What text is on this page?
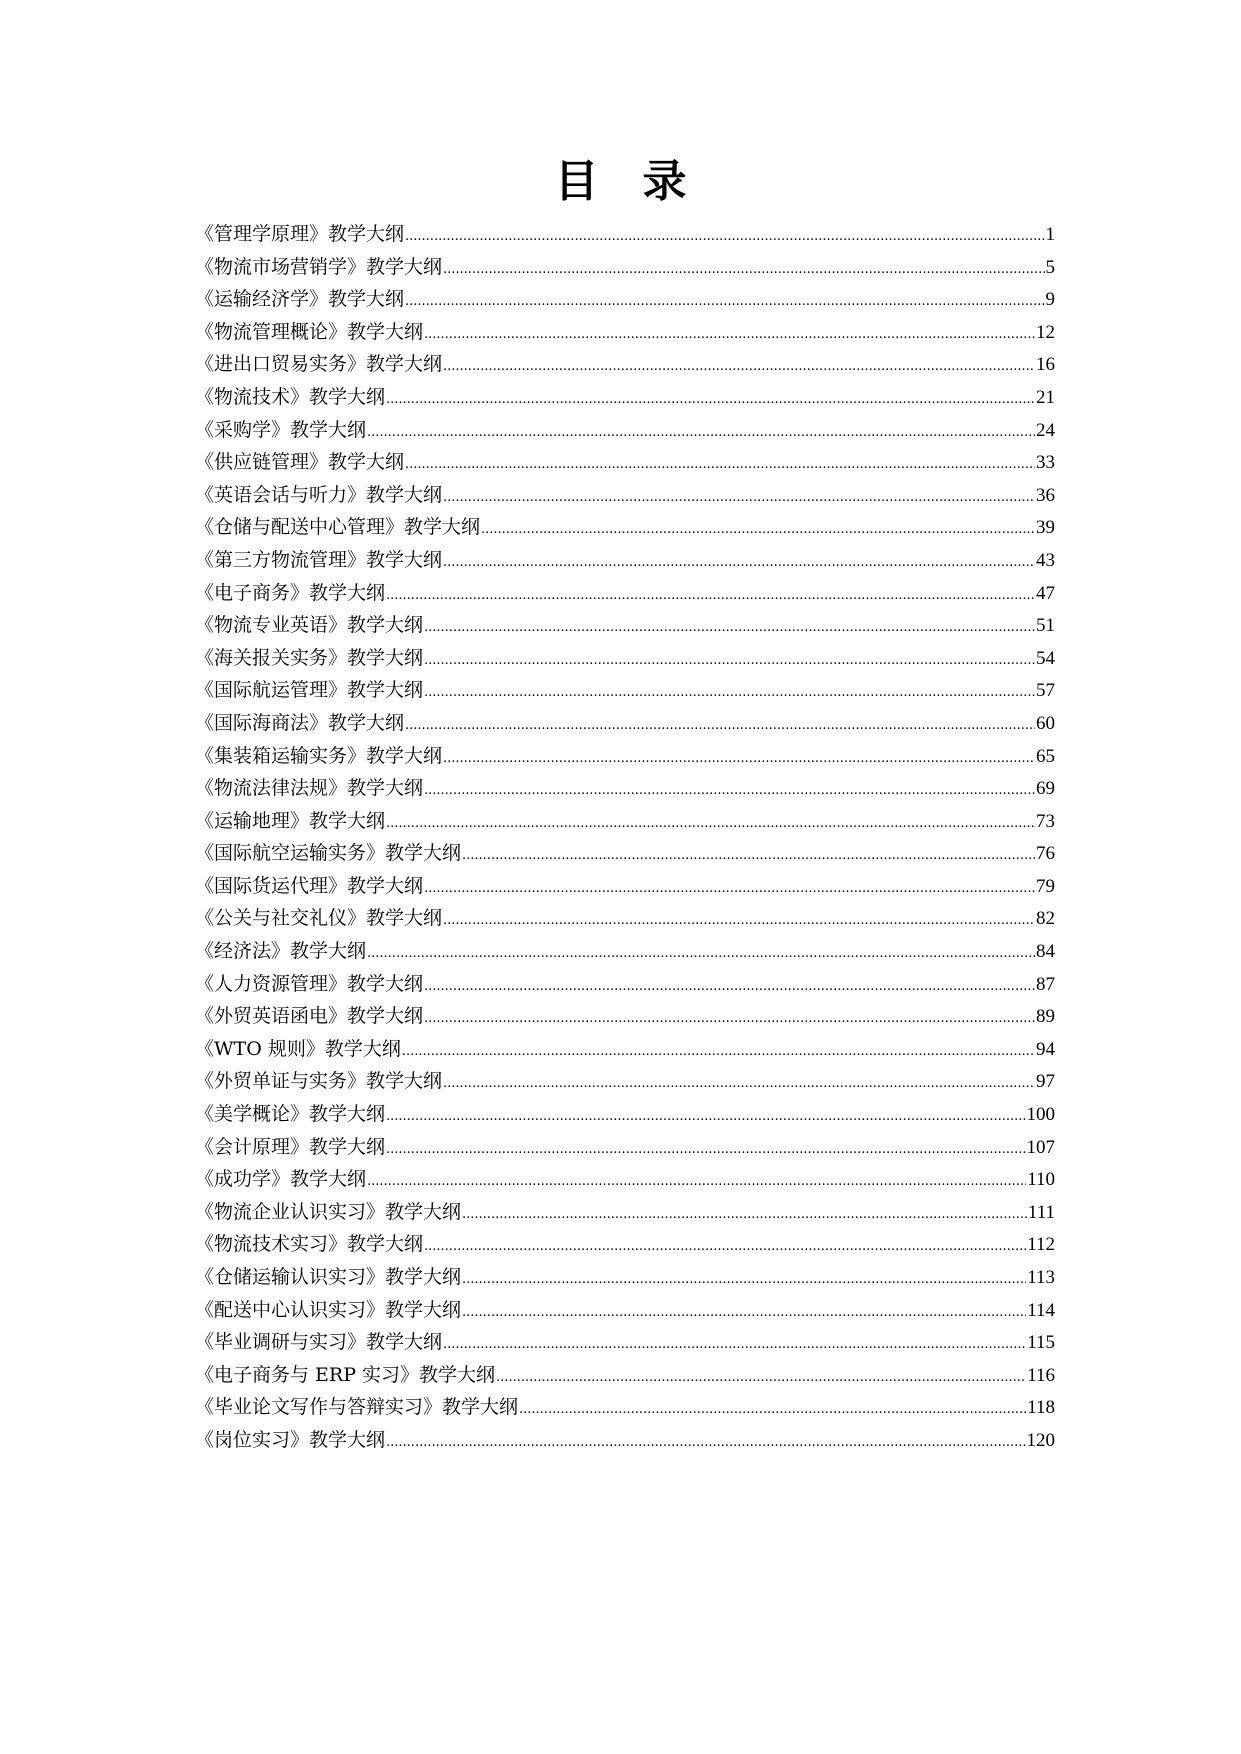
目 录
《管理学原理》教学大纲 .....	1
《物流市场营销学》教学大纲 .....	5
《运输经济学》教学大纲 .....	9
《物流管理概论》教学大纲 .....	12
《进出口贸易实务》教学大纲 .....	16
《物流技术》教学大纲 .....	21
《采购学》教学大纲 .....	24
《供应链管理》教学大纲 .....	33
《英语会话与听力》教学大纲 .....	36
《仓储与配送中心管理》教学大纲 .....	39
《第三方物流管理》教学大纲 .....	43
《电子商务》教学大纲 .....	47
《物流专业英语》教学大纲 .....	51
《海关报关实务》教学大纲 .....	54
《国际航运管理》教学大纲 .....	57
《国际海商法》教学大纲 .....	60
《集装箱运输实务》教学大纲 .....	65
《物流法律法规》教学大纲 .....	69
《运输地理》教学大纲 .....	73
《国际航空运输实务》教学大纲 .....	76
《国际货运代理》教学大纲 .....	79
《公关与社交礼仪》教学大纲 .....	82
《经济法》教学大纲 .....	84
《人力资源管理》教学大纲 .....	87
《外贸英语函电》教学大纲 .....	89
《WTO 规则》教学大纲 .....	94
《外贸单证与实务》教学大纲 .....	97
《美学概论》教学大纲 .....	100
《会计原理》教学大纲 .....	107
《成功学》教学大纲 .....	110
《物流企业认识实习》教学大纲 .....	111
《物流技术实习》教学大纲 .....	112
《仓储运输认识实习》教学大纲 .....	113
《配送中心认识实习》教学大纲 .....	114
《毕业调研与实习》教学大纲 .....	115
《电子商务与 ERP 实习》教学大纲 .....	116
《毕业论文写作与答辩实习》教学大纲 .....	118
《岗位实习》教学大纲 .....	120
